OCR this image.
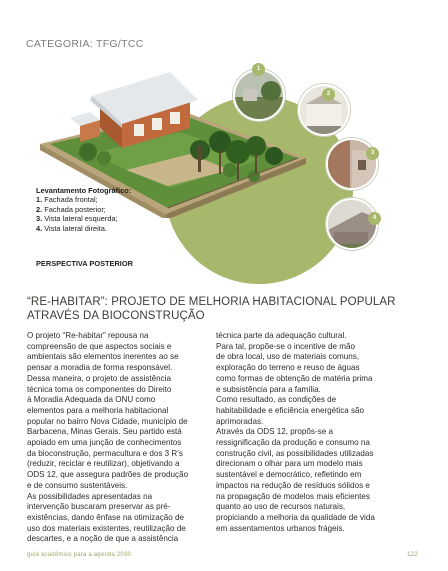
CATEGORIA: TFG/TCC
1
2
3
4
Levantamento Fotográfico:
1. Fachada frontal;
2. Fachada posterior;
3. Vista lateral esquerda;
4. Vista lateral direita.
PERSPECTIVA POSTERIOR
“RE-HABITAR”: PROJETO DE MELHORIA HABITACIONAL POPULAR
ATRAVÉS DA BIOCONSTRUÇÃO

O projeto “Re-habitar” repousa na

compreensão de que aspectos sociais e

ambientais são elementos inerentes ao se

pensar a moradia de forma responsável.

Dessa maneira, o projeto de assistência

técnica toma os componentes do Direito

à Moradia Adequada da ONU como

elementos para a melhoria habitacional

popular no bairro Nova Cidade, município de

Barbacena, Minas Gerais. Seu partido está

apoiado em uma junção de conhecimentos

da bioconstrução, permacultura e dos 3 R’s

(reduzir, reciclar e reutilizar), objetivando a

ODS 12, que assegura padrões de produção

e de consumo sustentáveis.

As possibilidades apresentadas na

intervenção buscaram preservar as pré-

existências, dando ênfase na otimização de

uso dos materiais existentes, reutilização de

descartes, e a noção de que a assistência

técnica parte da adequação cultural.

Para tal, propõe-se o incentive de mão

de obra local, uso de materiais comuns,

exploração do terreno e reuso de águas

como formas de obtenção de matéria prima

e subsistência para a família.

Como resultado, as condições de

habitabilidade e eficiência energética são

aprimoradas.

Através da ODS 12, propõs-se a

ressignificação da produção e consumo na

construção civil, as possibilidades utilizadas

direcionam o olhar para um modelo mais

sustentável e democrático, refletindo em

impactos na redução de resíduos sólidos e

na propagação de modelos mais eficientes

quanto ao uso de recursos naturais,

propiciando a melhoria da qualidade de vida

em assentamentos urbanos frágeis.

guia acadêmico para a agenda 2030	122
